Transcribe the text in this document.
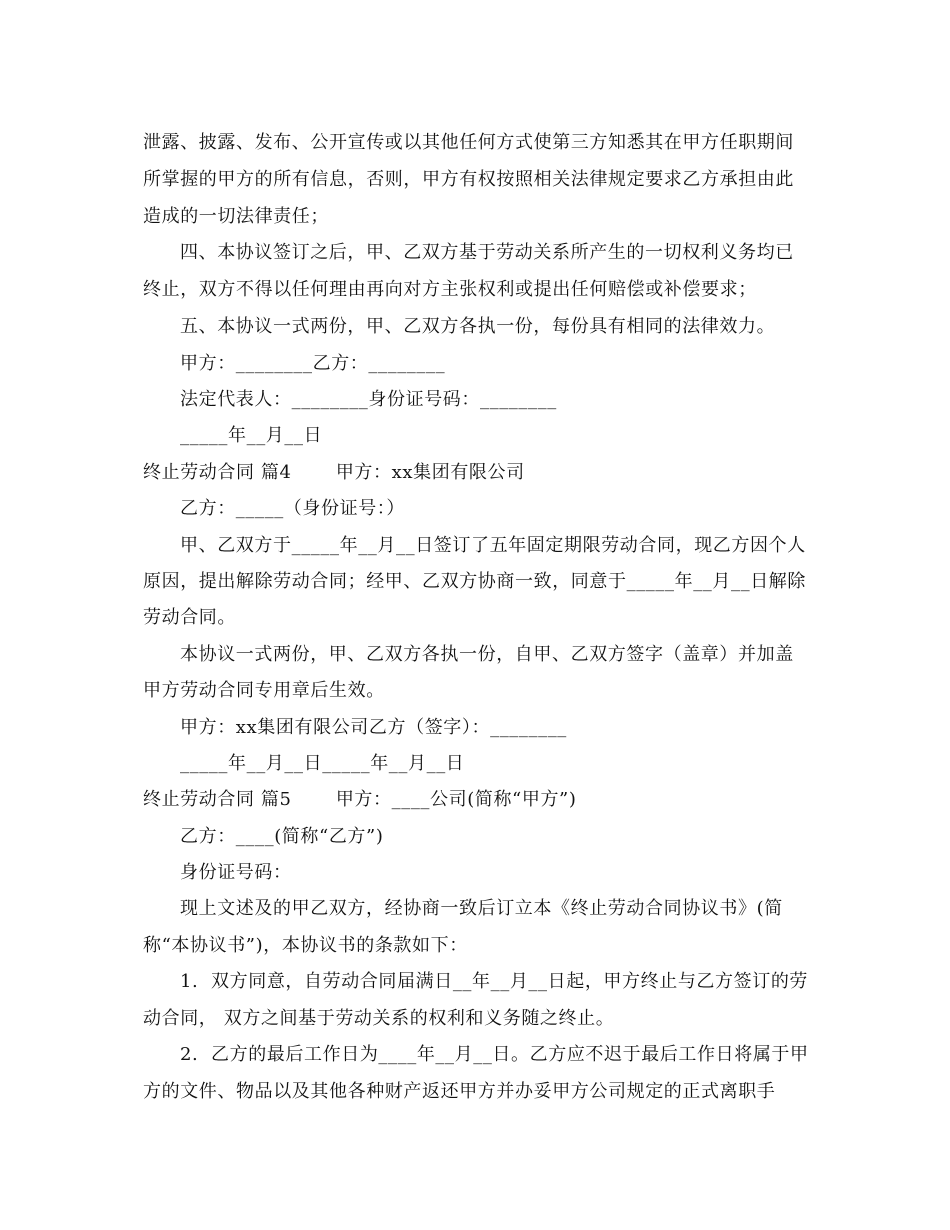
泄露、披露、发布、公开宣传或以其他任何方式使第三方知悉其在甲方任职期间
所掌握的甲方的所有信息，否则，甲方有权按照相关法律规定要求乙方承担由此
造成的一切法律责任；
四、本协议签订之后，甲、乙双方基于劳动关系所产生的一切权利义务均已
终止，双方不得以任何理由再向对方主张权利或提出任何赔偿或补偿要求；
五、本协议一式两份，甲、乙双方各执一份，每份具有相同的法律效力。
甲方：________乙方：________
法定代表人：________身份证号码：________
_____年__月__日
终止劳动合同 篇4       甲方：xx集团有限公司
乙方：_____（身份证号：）
甲、乙双方于_____年__月__日签订了五年固定期限劳动合同，现乙方因个人
原因，提出解除劳动合同；经甲、乙双方协商一致，同意于_____年__月__日解除
劳动合同。
本协议一式两份，甲、乙双方各执一份，自甲、乙双方签字（盖章）并加盖
甲方劳动合同专用章后生效。
甲方：xx集团有限公司乙方（签字）：________
_____年__月__日_____年__月__日
终止劳动合同 篇5       甲方：____公司(简称“甲方”)
乙方：____(简称“乙方”)
身份证号码：
现上文述及的甲乙双方，经协商一致后订立本《终止劳动合同协议书》(简
称“本协议书”)，本协议书的条款如下：
1.  双方同意，自劳动合同届满日__年__月__日起，甲方终止与乙方签订的劳
动合同， 双方之间基于劳动关系的权利和义务随之终止。
2.  乙方的最后工作日为____年__月__日。乙方应不迟于最后工作日将属于甲
方的文件、物品以及其他各种财产返还甲方并办妥甲方公司规定的正式离职手
